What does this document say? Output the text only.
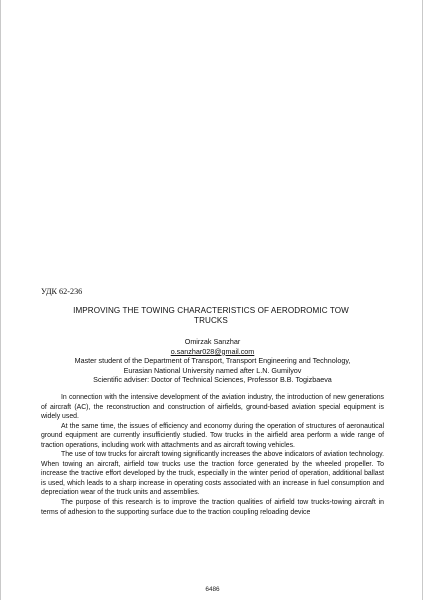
УДК 62-236
IMPROVING THE TOWING CHARACTERISTICS OF AERODROMIC TOW TRUCKS
Omirzak Sanzhar
o.sanzhar028@gmail.com
Master student of the Department of Transport, Transport Engineering and Technology,
Eurasian National University named after L.N. Gumilyov
Scientific adviser: Doctor of Technical Sciences, Professor B.B. Togizbaeva

In connection with the intensive development of the aviation industry, the introduction of new generations of aircraft (AC), the reconstruction and construction of airfields, ground-based aviation special equipment is widely used.

At the same time, the issues of efficiency and economy during the operation of structures of aeronautical ground equipment are currently insufficiently studied. Tow trucks in the airfield area perform a wide range of traction operations, including work with attachments and as aircraft towing vehicles.

The use of tow trucks for aircraft towing significantly increases the above indicators of aviation technology. When towing an aircraft, airfield tow trucks use the traction force generated by the wheeled propeller. To increase the tractive effort developed by the truck, especially in the winter period of operation, additional ballast is used, which leads to a sharp increase in operating costs associated with an increase in fuel consumption and depreciation wear of the truck units and assemblies.

The purpose of this research is to improve the traction qualities of airfield tow trucks-towing aircraft in terms of adhesion to the supporting surface due to the traction coupling reloading device

6486
